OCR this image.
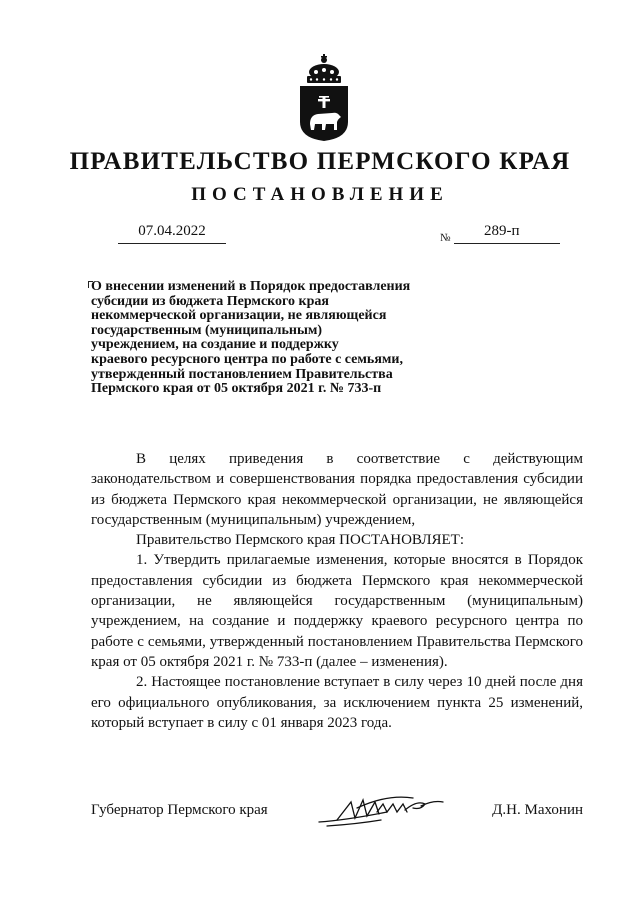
ПРАВИТЕЛЬСТВО ПЕРМСКОГО КРАЯ
ПОСТАНОВЛЕНИЕ
07.04.2022	№ 289-п
О внесении изменений в Порядок предоставления
субсидии из бюджета Пермского края
некоммерческой организации, не являющейся
государственным (муниципальным)
учреждением, на создание и поддержку
краевого ресурсного центра по работе с семьями,
утвержденный постановлением Правительства
Пермского края от 05 октября 2021 г. № 733-п

В целях приведения в соответствие с действующим законодательством и совершенствования порядка предоставления субсидии из бюджета Пермского края некоммерческой организации, не являющейся государственным (муниципальным) учреждением,

Правительство Пермского края ПОСТАНОВЛЯЕТ:

1. Утвердить прилагаемые изменения, которые вносятся в Порядок предоставления субсидии из бюджета Пермского края некоммерческой организации, не являющейся государственным (муниципальным) учреждением, на создание и поддержку краевого ресурсного центра по работе с семьями, утвержденный постановлением Правительства Пермского края от 05 октября 2021 г. № 733-п (далее – изменения).

2. Настоящее постановление вступает в силу через 10 дней после дня его официального опубликования, за исключением пункта 25 изменений, который вступает в силу с 01 января 2023 года.

Губернатор Пермского края	Д.Н. Махонин
